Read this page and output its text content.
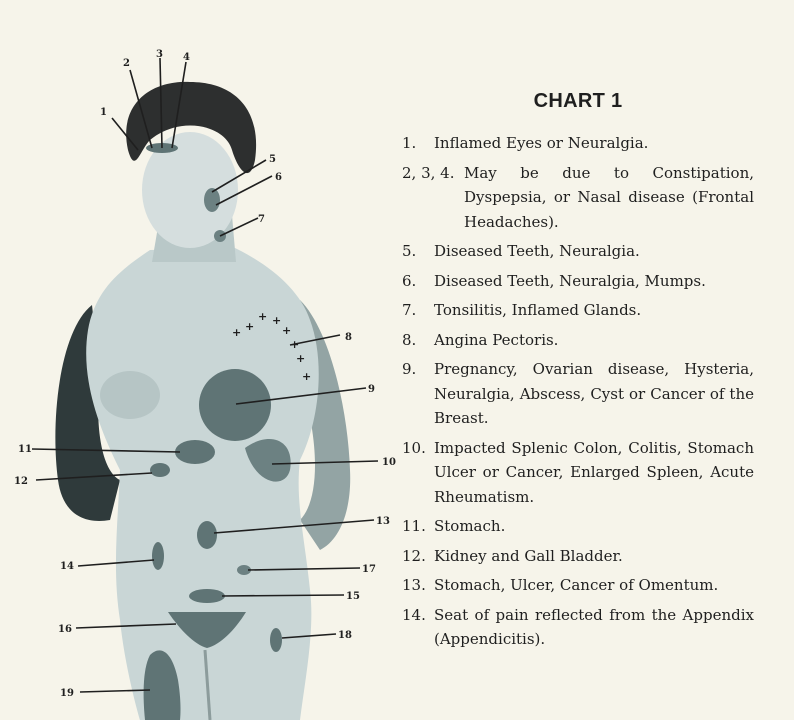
+ +
+ +
+
+
+
+
1
2
3 4
5
6
7
8
9
10
11
12
13
14	17
15
16
18
19
CHART 1
1.	Inflamed Eyes or Neuralgia.
2, 3, 4. May be due to Constipation, Dyspepsia, or Nasal disease (Frontal Headaches).
5.	Diseased Teeth, Neuralgia.
6.	Diseased Teeth, Neuralgia, Mumps.
7.	Tonsilitis, Inflamed Glands.
8.	Angina Pectoris.
9.	Pregnancy, Ovarian disease, Hysteria, Neuralgia, Abscess, Cyst or Cancer of the Breast.
10. Impacted Splenic Colon, Colitis, Stomach Ulcer or Cancer, Enlarged Spleen, Acute Rheumatism.
11. Stomach.
12. Kidney and Gall Bladder.
13. Stomach, Ulcer, Cancer of Omentum.
14. Seat of pain reflected from the Appendix (Appendicitis).
